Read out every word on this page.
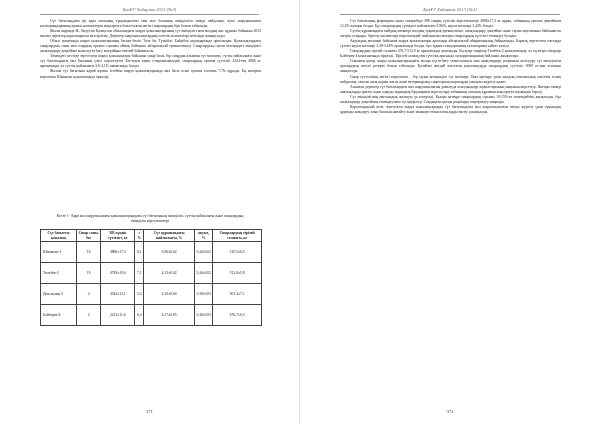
ҚазҰУ Хабаршы 2013 (№3)

Сүт бағытындағы ірі қара малының тұқымдылығы мен мал басының өнімділігін тиімді пайдалану, ауыл шаруашылығы кәсіпорындарының жұмыс нәтижелерін жақсартуға бағытталған негізгі шаралардың бірі болып табылады.

Жылы өңірінде Ж. Оңтүстік Қазақстан облысындағы шаруа қожалықтарының сүт өнімділігі мен малдың жас құрамы бойынша 2013 жылғы деректер қорытындысы келтірілген. Деректер шаруашылықтардың есептік мәліметтері негізінде жинақталды.

Облыс аумағында шаруа қожалықтарының басым бөлігі Төле би, Түлкібас, Бәйдібек аудандарында орналасқан. Қожалықтардағы сиырлардың саны мен олардың орташа сауымы аймақ бойынша айтарлықтай ерекшеленеді. Сиырлардың сауын кезеңіндегі өнімділігі азықтандыру деңгейіне және күтіп-бағу жағдайына тікелей байланысты.

Төмендегі кестеде зерттелген шаруа қожалықтары бойынша сиыр басы, бір сиырдан алынған сүт мөлшері, сүттің майлылығы және сүт бағытындағы мал басының үлесі көрсетілген. Кестеден көріп отырғанымыздай, сиырлардың орташа сүттілігі 4324-тен 4886 кг аралығында, ал сүттің майлылығы 3,6-4,1% шамасында болды.

Жалпы сүт бағытына қарай жұмыс істейтін шаруа қожалықтарында мал басы өсімі орташа есеппен 7,7% құрады. Ең жоғарғы көрсеткіш Шымкент қожалығында тіркелді.

Кесте 1 - Қара мал шаруашылығы қожалықтарындағы сүт бағытының өнімділігі, сүттің майлылығы және сиырлардың өнімділік көрсеткіштері
Сүт бағытты қожалық	Сиыр саны, бас	305 күндік сүттілігі, кг	± %	Сүт құрамындағы майлылығы, %	ақуыз, %	Сиырлардың тірілей салмағы, кг
Шымкент-1	18	4886±17,3	8,1	3,96±0,02	3,42±0,02	510,5±6,5
Төлебек-2	18	4749±19,6	7,1	4,13±0,02	3,44±0,02	512,0±5,8
Денсаулық-3	4	4324±12,1	5,4	4,10±0,04	3,38±0,03	501,3±7,1
Бәйтерек-4	2	2412±11,6	6,4	4,17±0,05	3,40±0,03	476,7±6,5
371
ҚазҰУ Хабаршы 2013 (№3)

Сүт бағытының фермадағы малы тәжірибеде 398 сиыры сүттілік көрсеткіштері 4886±17,3 кг құрап, табынның орташа деңгейінен 12,4% жоғары болды. Бұл сиырлардың сүтіндегі майлылығы 3,96%, ақуыз мөлшері 3,42% болды.

Сүттің құрамындағы майдың мөлшері малдың тұқымдық ерекшелігіне, азықтандыру деңгейіне және сауын маусымына байланысты өзгеріп отырады. Зерттеу нәтижелері көрсеткендей, майлылығы жоғары сиырлардың сүттілігі төмендеу болады.

Ақуыздың мөлшері бойынша шаруа қожалықтары арасында айтарлықтай айырмашылық байқалмады. Барлық зерттелген топтарда сүттегі ақуыз мөлшері 3,38-3,44% аралығында болды, бұл тұқым стандартының талаптарына сәйкес келеді.

Сиырлардың тірілей салмағы 476,7-512,0 кг аралығында ауытқыды. Ең ауыр сиырлар Төлебек-2 қожалығында, ал ең жеңіл сиырлар Бәйтерек-4 қожалығында тіркелді. Тірілей салмақ пен сүттілік арасында оң корреляциялық байланыс анықталды.

Сонымен қатар, шаруа қожалықтарындағы малды күтіп-бағу технологиясы мен азықтандыру рационын жетілдіру сүт өнімділігін арттырудың негізгі резерві болып табылады. Қолайлы жағдай жасалған қожалықтарда сиырлардың сүттілігі 5000 кг-нан асатыны анықталды.

Сиыр сүттілігінің негізгі көрсеткіші – бір сауын кезеңіндегі сүт мөлшері. Оны арттыру үшін малдың генетикалық әлеуетін толық пайдалану, сапалы азық қорын жасау және ветеринарлық-санитарлық шараларды уақтылы жүргізу қажет.

Алынған деректер сүт бағытындағы мал шаруашылығын дамытуда асылдандыру жұмыстарының маңызын көрсетеді. Жоғары өнімді аналықтарды іріктеу және оларды тұқымдық бұқалармен жұптастыру табынның сапалық құрамын жақсартуға мүмкіндік береді.

Сүт өнімділігінің маусымдық ауытқуы да ескерілді. Қысқы кезеңде сиырлардың сауымы 10-15%-ға төмендейтіні анықталды, бұл азықтандыру деңгейінің төмендеуімен түсіндіріледі. Сондықтан қысқы рационды теңгерімдеу маңызды.

Қорытындылай келе, зерттелген шаруа қожалықтарында сүт бағытындағы мал шаруашылығын тиімді жүргізу үшін тұқымдық құрамды жақсарту, азық базасын нығайту және заманауи технологияларды енгізу ұсынылады.

372
